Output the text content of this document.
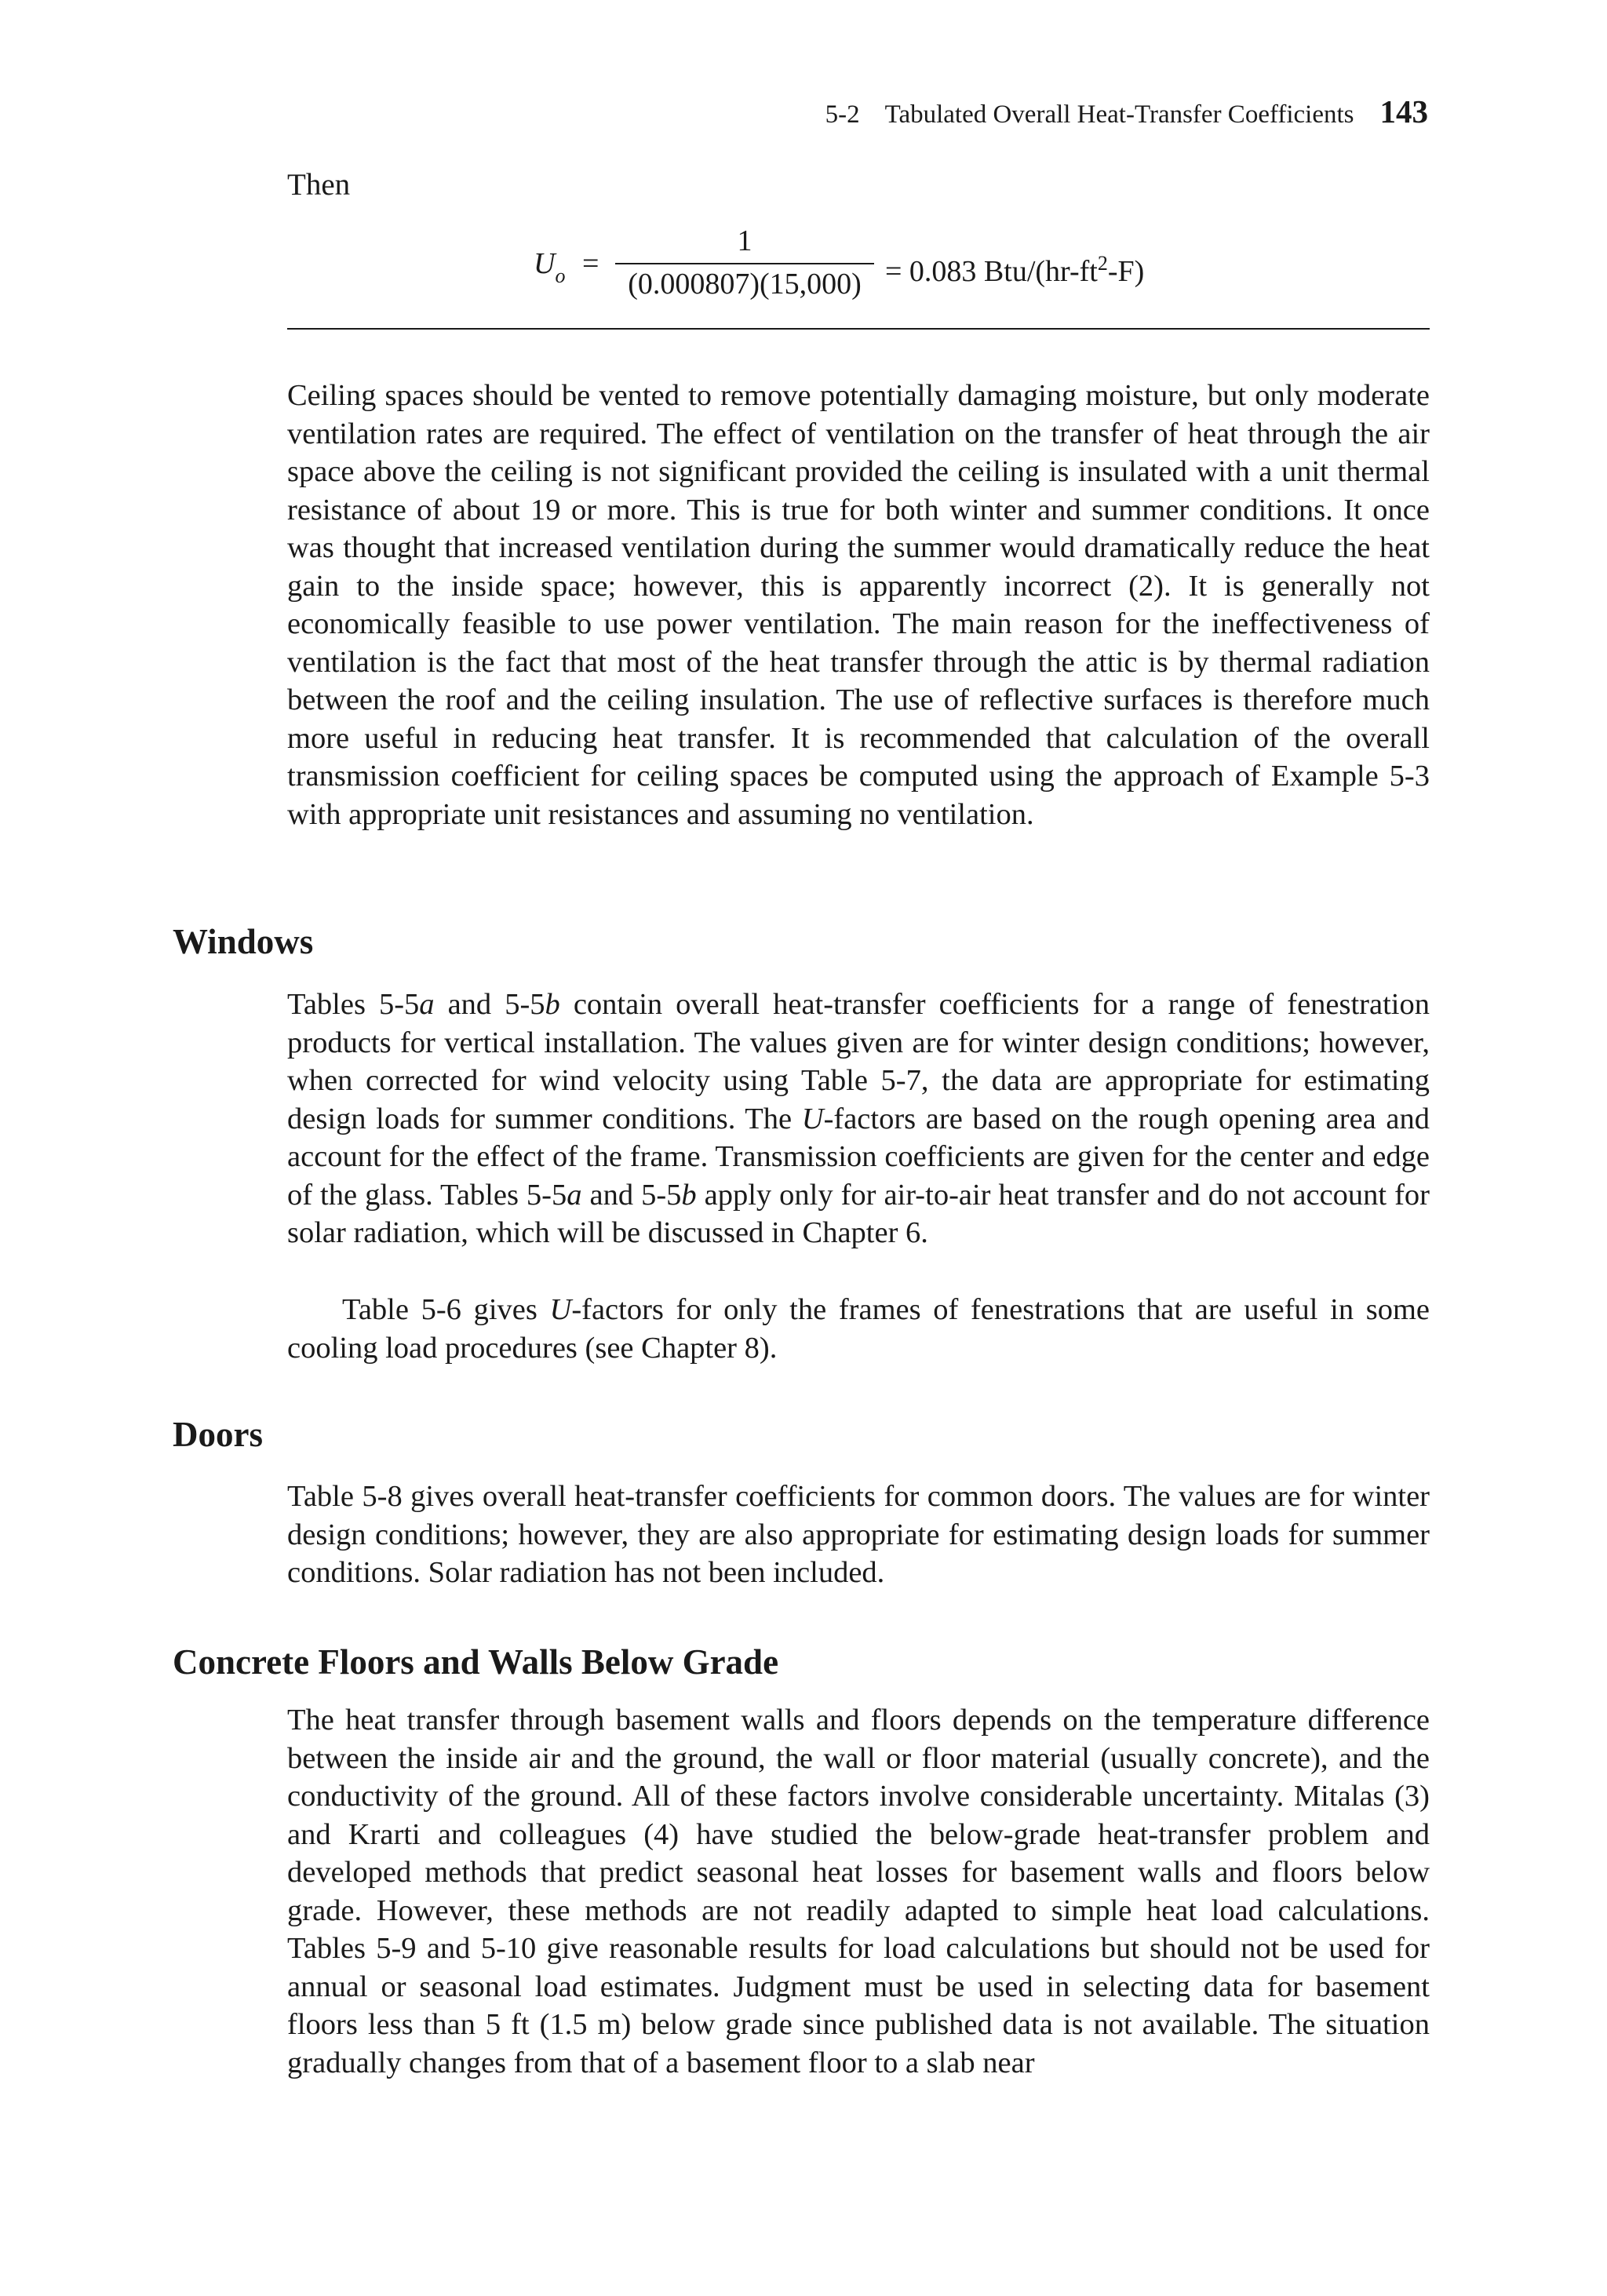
5-2 Tabulated Overall Heat-Transfer Coefficients 143
Then
$U_o$ =
1
(0.000807)(15,000) = 0.083 Btu/$(hr-ft^2-F)$

Ceiling spaces should be vented to remove potentially damaging moisture, but only moderate ventilation rates are required. The effect of ventilation on the transfer of heat through the air space above the ceiling is not significant provided the ceiling is insulated with a unit thermal resistance of about 19 or more. This is true for both winter and summer conditions. It once was thought that increased ventilation during the summer would dramatically reduce the heat gain to the inside space; however, this is apparently incorrect (2). It is generally not economically feasible to use power ventilation. The main reason for the ineffectiveness of ventilation is the fact that most of the heat transfer through the attic is by thermal radiation between the roof and the ceiling insulation. The use of reflective surfaces is therefore much more useful in reducing heat transfer. It is recommended that calculation of the overall transmission coefficient for ceiling spaces be computed using the approach of Example 5-3 with appropriate unit resistances and assuming no ventilation.

Windows

Tables 5-5a and 5-5b contain overall heat-transfer coefficients for a range of fenestration products for vertical installation. The values given are for winter design conditions; however, when corrected for wind velocity using Table 5-7, the data are appropriate for estimating design loads for summer conditions. The U-factors are based on the rough opening area and account for the effect of the frame. Transmission coefficients are given for the center and edge of the glass. Tables 5-5a and 5-5b apply only for air-to-air heat transfer and do not account for solar radiation, which will be discussed in Chapter 6.

Table 5-6 gives U-factors for only the frames of fenestrations that are useful in some cooling load procedures (see Chapter 8).

Doors

Table 5-8 gives overall heat-transfer coefficients for common doors. The values are for winter design conditions; however, they are also appropriate for estimating design loads for summer conditions. Solar radiation has not been included.

Concrete Floors and Walls Below Grade

The heat transfer through basement walls and floors depends on the temperature difference between the inside air and the ground, the wall or floor material (usually concrete), and the conductivity of the ground. All of these factors involve considerable uncertainty. Mitalas (3) and Krarti and colleagues (4) have studied the below-grade heat-transfer problem and developed methods that predict seasonal heat losses for basement walls and floors below grade. However, these methods are not readily adapted to simple heat load calculations. Tables 5-9 and 5-10 give reasonable results for load calculations but should not be used for annual or seasonal load estimates. Judgment must be used in selecting data for basement floors less than 5 ft (1.5 m) below grade since published data is not available. The situation gradually changes from that of a basement floor to a slab near
